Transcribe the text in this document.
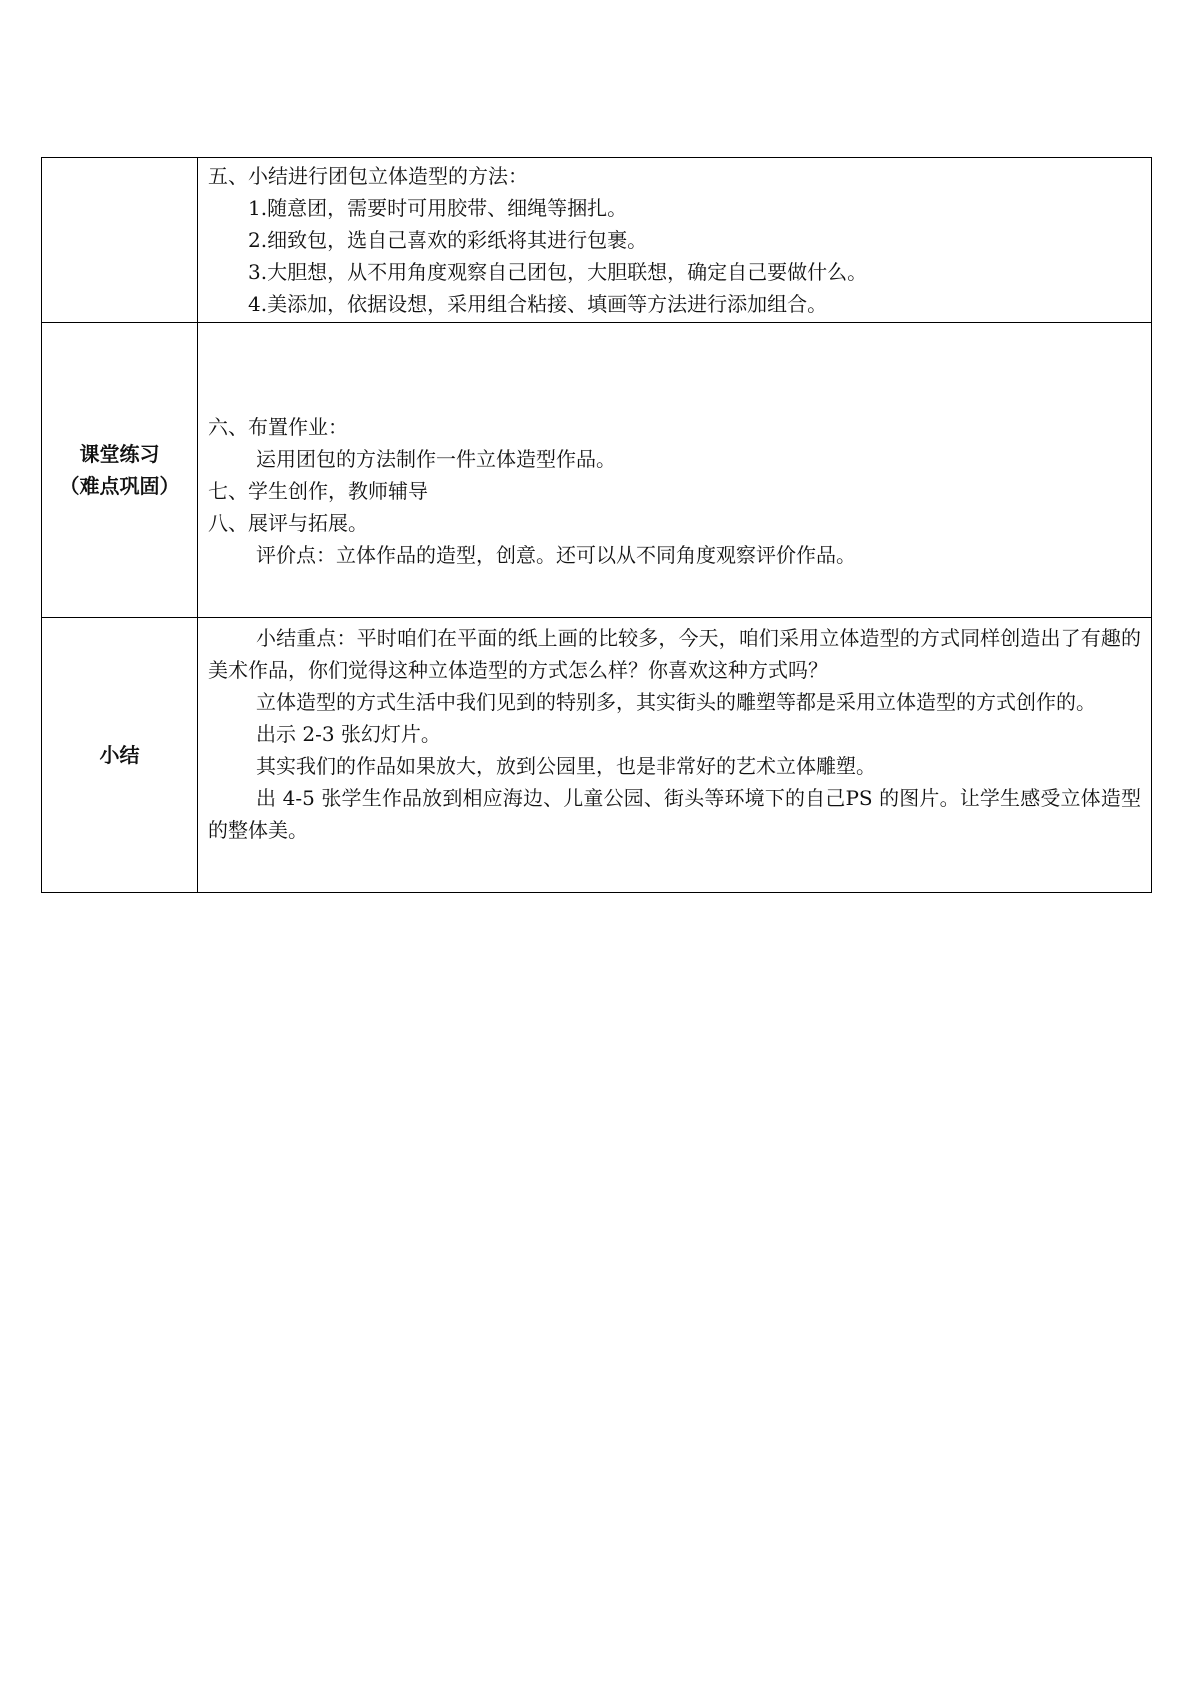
	五、小结进行团包立体造型的方法：
1.随意团，需要时可用胶带、细绳等捆扎。
2.细致包，选自己喜欢的彩纸将其进行包裹。
3.大胆想，从不用角度观察自己团包，大胆联想，确定自己要做什么。
4.美添加，依据设想，采用组合粘接、填画等方法进行添加组合。

课堂练习
（难点巩固）	六、布置作业：
运用团包的方法制作一件立体造型作品。
七、学生创作，教师辅导
八、展评与拓展。
评价点：立体作品的造型，创意。还可以从不同角度观察评价作品。

小结	小结重点：平时咱们在平面的纸上画的比较多，今天，咱们采用立体造型的方式同样创造出了有趣的美术作品，你们觉得这种立体造型的方式怎么样？你喜欢这种方式吗？
立体造型的方式生活中我们见到的特别多，其实街头的雕塑等都是采用立体造型的方式创作的。
出示 2-3 张幻灯片。
其实我们的作品如果放大，放到公园里，也是非常好的艺术立体雕塑。
出 4-5 张学生作品放到相应海边、儿童公园、街头等环境下的自己PS 的图片。让学生感受立体造型的整体美。
